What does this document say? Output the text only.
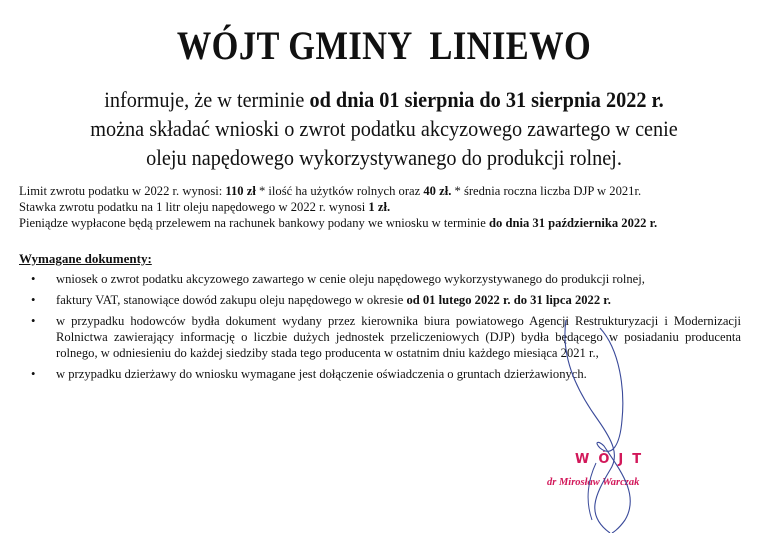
WÓJT GMINY  LINIEWO
informuje, że w terminie od dnia 01 sierpnia do 31 sierpnia 2022 r.
można składać wnioski o zwrot podatku akcyzowego zawartego w cenie
oleju napędowego wykorzystywanego do produkcji rolnej.
Limit zwrotu podatku w 2022 r. wynosi: 110 zł * ilość ha użytków rolnych oraz 40 zł. * średnia roczna liczba DJP w 2021r.
Stawka zwrotu podatku na 1 litr oleju napędowego w 2022 r. wynosi 1 zł.
Pieniądze wypłacone będą przelewem na rachunek bankowy podany we wniosku w terminie do dnia 31 października 2022 r.
Wymagane dokumenty:
• wniosek o zwrot podatku akcyzowego zawartego w cenie oleju napędowego wykorzystywanego do produkcji rolnej,
• faktury VAT, stanowiące dowód zakupu oleju napędowego w okresie od 01 lutego 2022 r. do 31 lipca 2022 r.
• w przypadku hodowców bydła dokument wydany przez kierownika biura powiatowego Agencji Restrukturyzacji i Modernizacji Rolnictwa zawierający informację o liczbie dużych jednostek przeliczeniowych (DJP) bydła będącego w posiadaniu producenta rolnego, w odniesieniu do każdej siedziby stada tego producenta w ostatnim dniu każdego miesiąca 2021 r.,
• w przypadku dzierżawy do wniosku wymagane jest dołączenie oświadczenia o gruntach dzierżawionych.
WÓJT
dr Mirosław Warczak
